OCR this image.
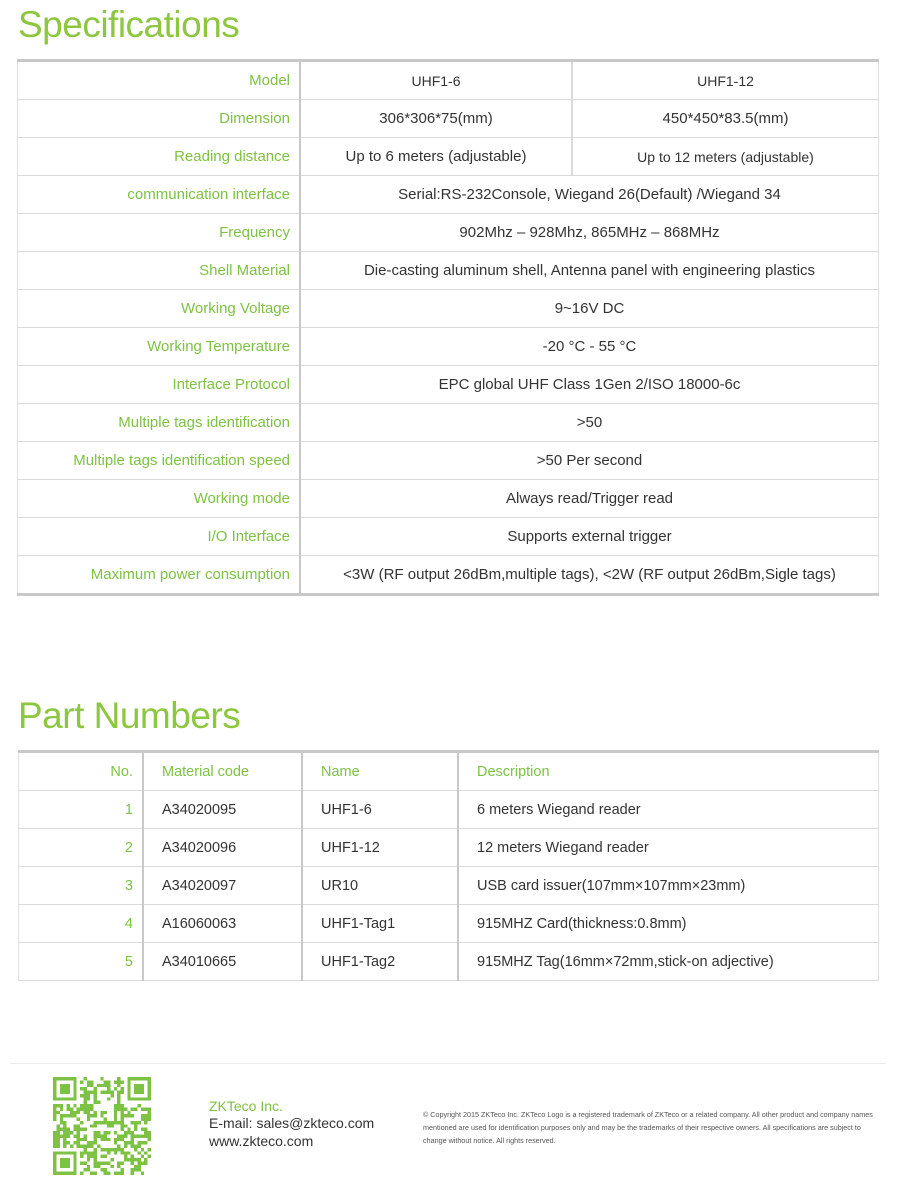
Specifications
Model	UHF1-6	UHF1-12
Dimension	306*306*75(mm)	450*450*83.5(mm)
Reading distance	Up to 6 meters (adjustable)	Up to 12 meters (adjustable)
communication interface	Serial:RS-232Console, Wiegand 26(Default) /Wiegand 34	
Frequency	902Mhz – 928Mhz, 865MHz – 868MHz	
Shell Material	Die-casting aluminum shell, Antenna panel with engineering plastics	
Working Voltage	9~16V DC	
Working Temperature	-20 °C - 55 °C	
Interface Protocol	EPC global UHF Class 1Gen 2/ISO 18000-6c	
Multiple tags identification	>50	
Multiple tags identification speed	>50 Per second	
Working mode	Always read/Trigger read	
I/O Interface	Supports external trigger	
Maximum power consumption	<3W (RF output 26dBm,multiple tags), <2W (RF output 26dBm,Sigle tags)	
Part Numbers
No.	Material code	Name	Description
1	A34020095	UHF1-6	6 meters Wiegand reader
2	A34020096	UHF1-12	12 meters Wiegand reader
3	A34020097	UR10	USB card issuer(107mm×107mm×23mm)
4	A16060063	UHF1-Tag1	915MHZ Card(thickness:0.8mm)
5	A34010665	UHF1-Tag2	915MHZ Tag(16mm×72mm,stick-on adjective)
ZKTeco Inc.
E-mail: sales@zkteco.com
www.zkteco.com
© Copyright 2015 ZKTeco Inc. ZKTeco Logo is a registered trademark of ZKTeco or a related company. All other product and company names mentioned are used for identification purposes only and may be the trademarks of their respective owners. All specifications are subject to change without notice. All rights reserved.
